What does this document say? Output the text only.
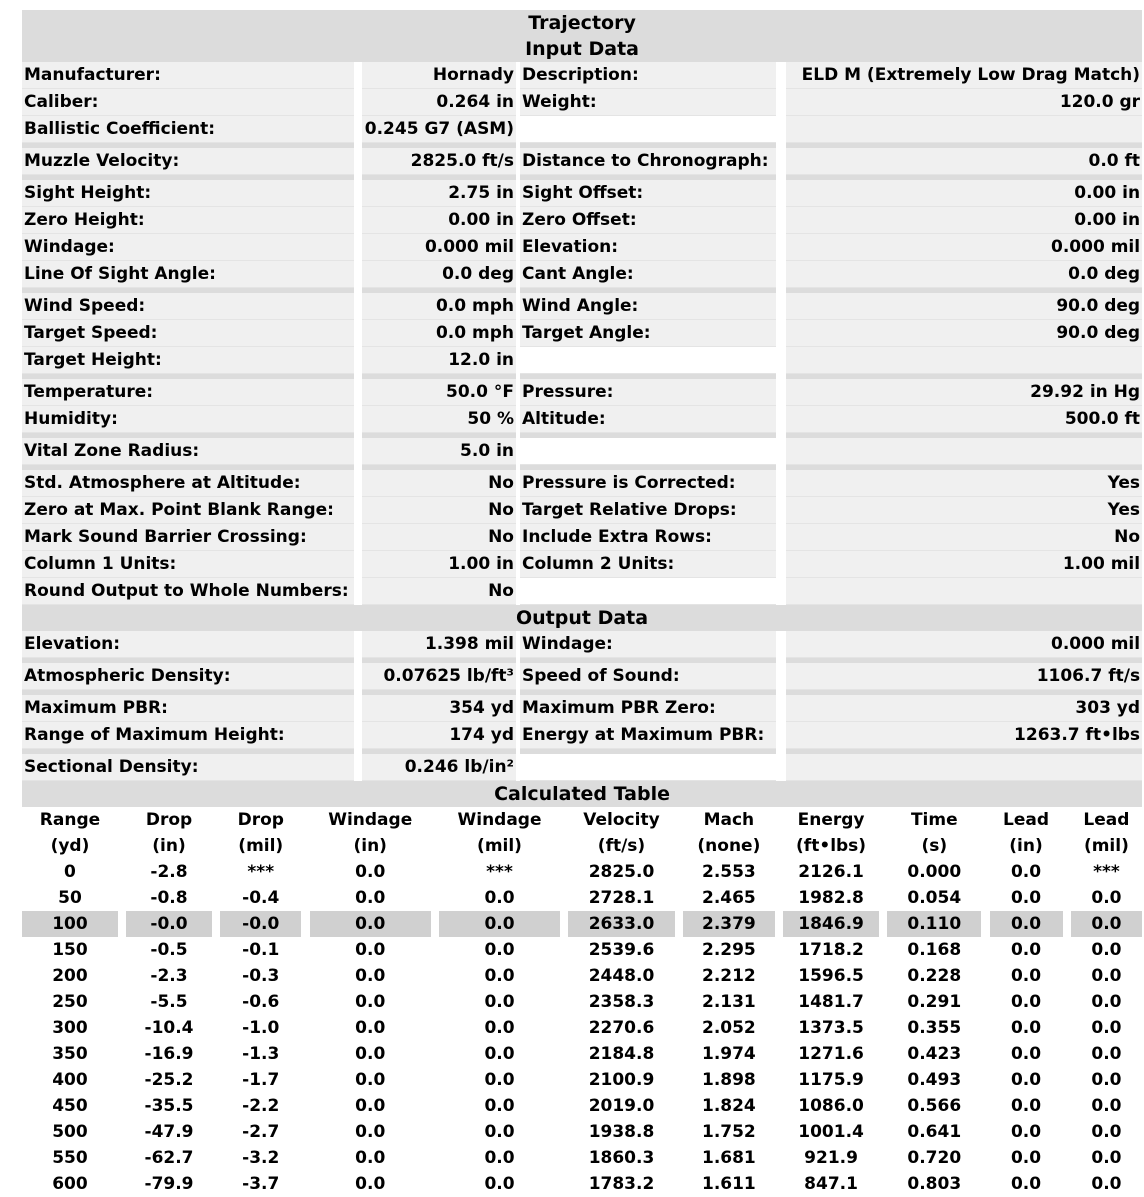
Trajectory						
Input Data						
Manufacturer:		Hornady		Description:		ELD M (Extremely Low Drag Match)
Caliber:		0.264 in		Weight:		120.0 gr
Ballistic Coefficient:		0.245 G7 (ASM)				

Muzzle Velocity:		2825.0 ft/s		Distance to Chronograph:		0.0 ft

Sight Height:		2.75 in		Sight Offset:		0.00 in
Zero Height:		0.00 in		Zero Offset:		0.00 in
Windage:		0.000 mil		Elevation:		0.000 mil
Line Of Sight Angle:		0.0 deg		Cant Angle:		0.0 deg

Wind Speed:		0.0 mph		Wind Angle:		90.0 deg
Target Speed:		0.0 mph		Target Angle:		90.0 deg
Target Height:		12.0 in				

Temperature:		50.0 °F		Pressure:		29.92 in Hg
Humidity:		50 %		Altitude:		500.0 ft

Vital Zone Radius:		5.0 in				

Std. Atmosphere at Altitude:		No		Pressure is Corrected:		Yes
Zero at Max. Point Blank Range:		No		Target Relative Drops:		Yes
Mark Sound Barrier Crossing:		No		Include Extra Rows:		No
Column 1 Units:		1.00 in		Column 2 Units:		1.00 mil
Round Output to Whole Numbers:		No				
Output Data						
Elevation:		1.398 mil		Windage:		0.000 mil

Atmospheric Density:		0.07625 lb/ft³		Speed of Sound:		1106.7 ft/s

Maximum PBR:		354 yd		Maximum PBR Zero:		303 yd
Range of Maximum Height:		174 yd		Energy at Maximum PBR:		1263.7 ft•lbs

Sectional Density:		0.246 lb/in²				
Calculated Table						
Range		Drop		Drop		Windage		Windage		Velocity		Mach		Energy		Time		Lead		Lead
(yd)		(in)		(mil)		(in)		(mil)		(ft/s)		(none)		(ft•lbs)		(s)		(in)		(mil)
0		-2.8		***		0.0		***		2825.0		2.553		2126.1		0.000		0.0		***
50		-0.8		-0.4		0.0		0.0		2728.1		2.465		1982.8		0.054		0.0		0.0
100		-0.0		-0.0		0.0		0.0		2633.0		2.379		1846.9		0.110		0.0		0.0
150		-0.5		-0.1		0.0		0.0		2539.6		2.295		1718.2		0.168		0.0		0.0
200		-2.3		-0.3		0.0		0.0		2448.0		2.212		1596.5		0.228		0.0		0.0
250		-5.5		-0.6		0.0		0.0		2358.3		2.131		1481.7		0.291		0.0		0.0
300		-10.4		-1.0		0.0		0.0		2270.6		2.052		1373.5		0.355		0.0		0.0
350		-16.9		-1.3		0.0		0.0		2184.8		1.974		1271.6		0.423		0.0		0.0
400		-25.2		-1.7		0.0		0.0		2100.9		1.898		1175.9		0.493		0.0		0.0
450		-35.5		-2.2		0.0		0.0		2019.0		1.824		1086.0		0.566		0.0		0.0
500		-47.9		-2.7		0.0		0.0		1938.8		1.752		1001.4		0.641		0.0		0.0
550		-62.7		-3.2		0.0		0.0		1860.3		1.681		921.9		0.720		0.0		0.0
600		-79.9		-3.7		0.0		0.0		1783.2		1.611		847.1		0.803		0.0		0.0
